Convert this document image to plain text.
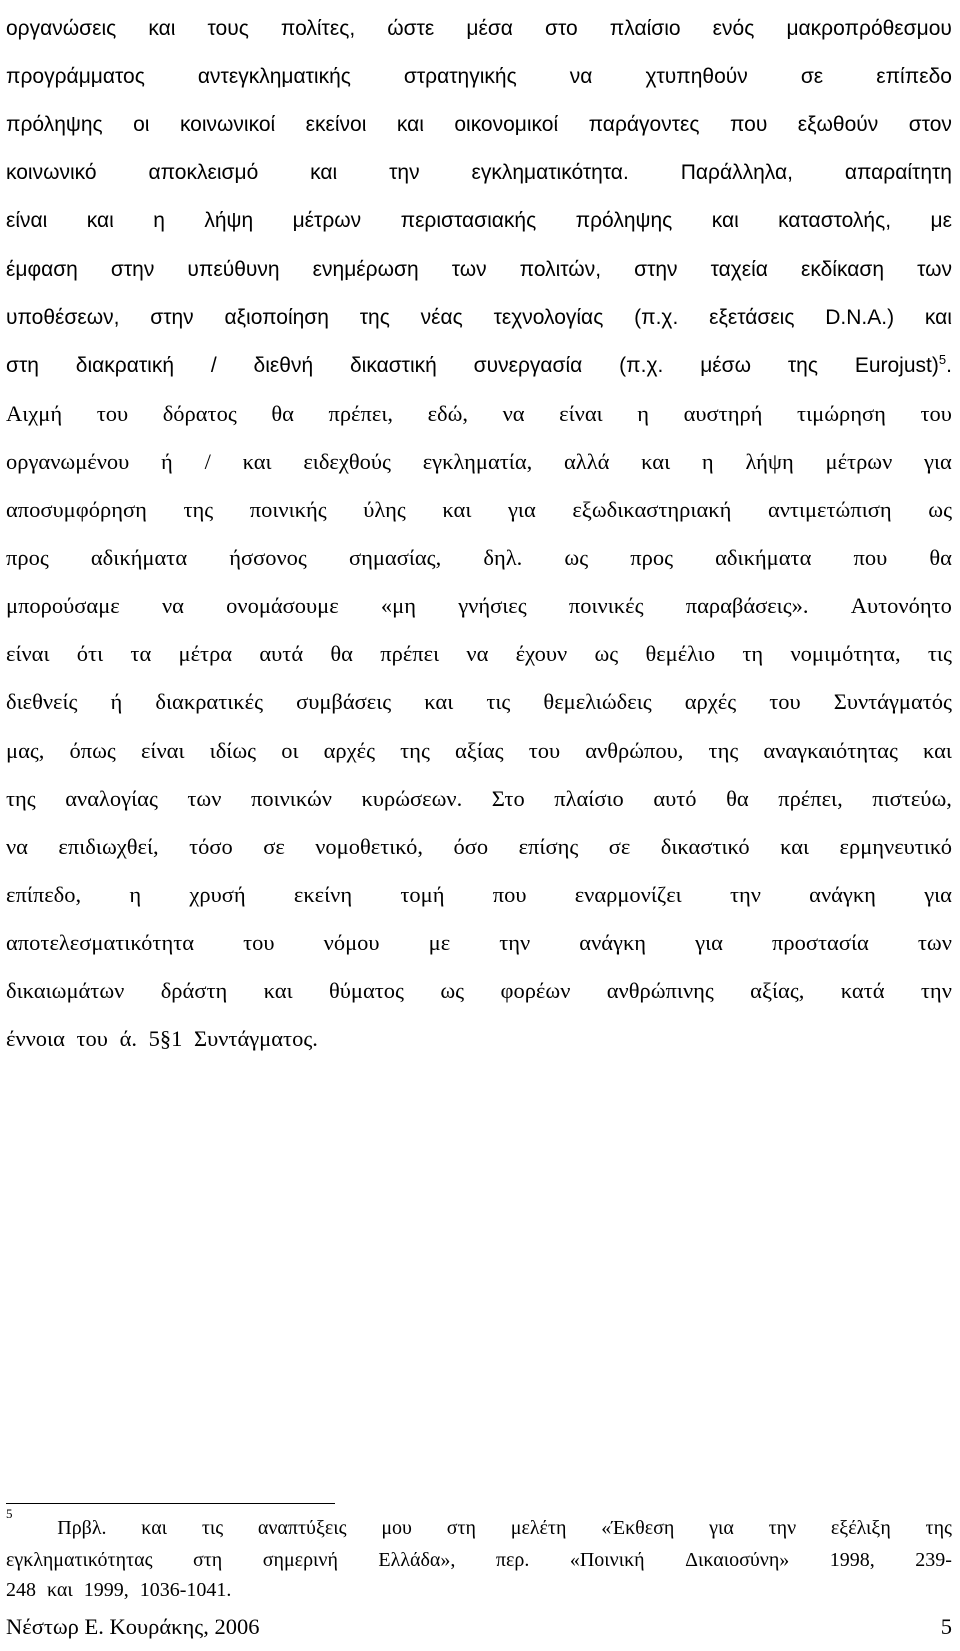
οργανώσεις και τους πολίτες, ώστε μέσα στο πλαίσιο ενός μακροπρόθεσμου
προγράμματος	αντεγκληματικής	στρατηγικής	να	χτυπηθούν	σε	επίπεδο
πρόληψης οι κοινωνικοί εκείνοι και οικονομικοί παράγοντες που εξωθούν στον
κοινωνικό αποκλεισμό και την εγκληματικότητα. Παράλληλα, απαραίτητη
είναι και η λήψη μέτρων περιστασιακής πρόληψης και καταστολής, με
έμφαση στην υπεύθυνη ενημέρωση των πολιτών, στην ταχεία εκδίκαση των
υποθέσεων, στην αξιοποίηση της νέας τεχνολογίας (π.χ. εξετάσεις D.N.A.) και
στη διακρατική / διεθνή δικαστική συνεργασία (π.χ. μέσω της Eurojust)5.
Αιχμή του δόρατος θα πρέπει, εδώ, να είναι η αυστηρή τιμώρηση του
οργανωμένου ή / και ειδεχθούς εγκληματία, αλλά και η λήψη μέτρων για
αποσυμφόρηση της ποινικής ύλης και για εξωδικαστηριακή αντιμετώπιση ως
προς αδικήματα ήσσονος σημασίας, δηλ. ως προς αδικήματα που θα
μπορούσαμε να ονομάσουμε «μη γνήσιες ποινικές παραβάσεις». Αυτονόητο
είναι ότι τα μέτρα αυτά θα πρέπει να έχουν ως θεμέλιο τη νομιμότητα, τις
διεθνείς ή διακρατικές συμβάσεις και τις θεμελιώδεις αρχές του Συντάγματός
μας, όπως είναι ιδίως οι αρχές της αξίας του ανθρώπου, της αναγκαιότητας και
της αναλογίας των ποινικών κυρώσεων. Στο πλαίσιο αυτό θα πρέπει, πιστεύω,
να επιδιωχθεί, τόσο σε νομοθετικό, όσο επίσης σε δικαστικό και ερμηνευτικό
επίπεδο, η χρυσή εκείνη τομή που εναρμονίζει την ανάγκη για
αποτελεσματικότητα του νόμου με την ανάγκη για προστασία των
δικαιωμάτων δράστη και θύματος ως φορέων ανθρώπινης αξίας, κατά την
έννοια του ά. 5§1 Συντάγματος.
5
Πρβλ. και τις αναπτύξεις μου στη μελέτη «Έκθεση για την εξέλιξη της
εγκληματικότητας στη σημερινή Ελλάδα», περ. «Ποινική Δικαιοσύνη» 1998, 239-
248 και 1999, 1036-1041.
Νέστωρ Ε. Κουράκης, 2006	5
